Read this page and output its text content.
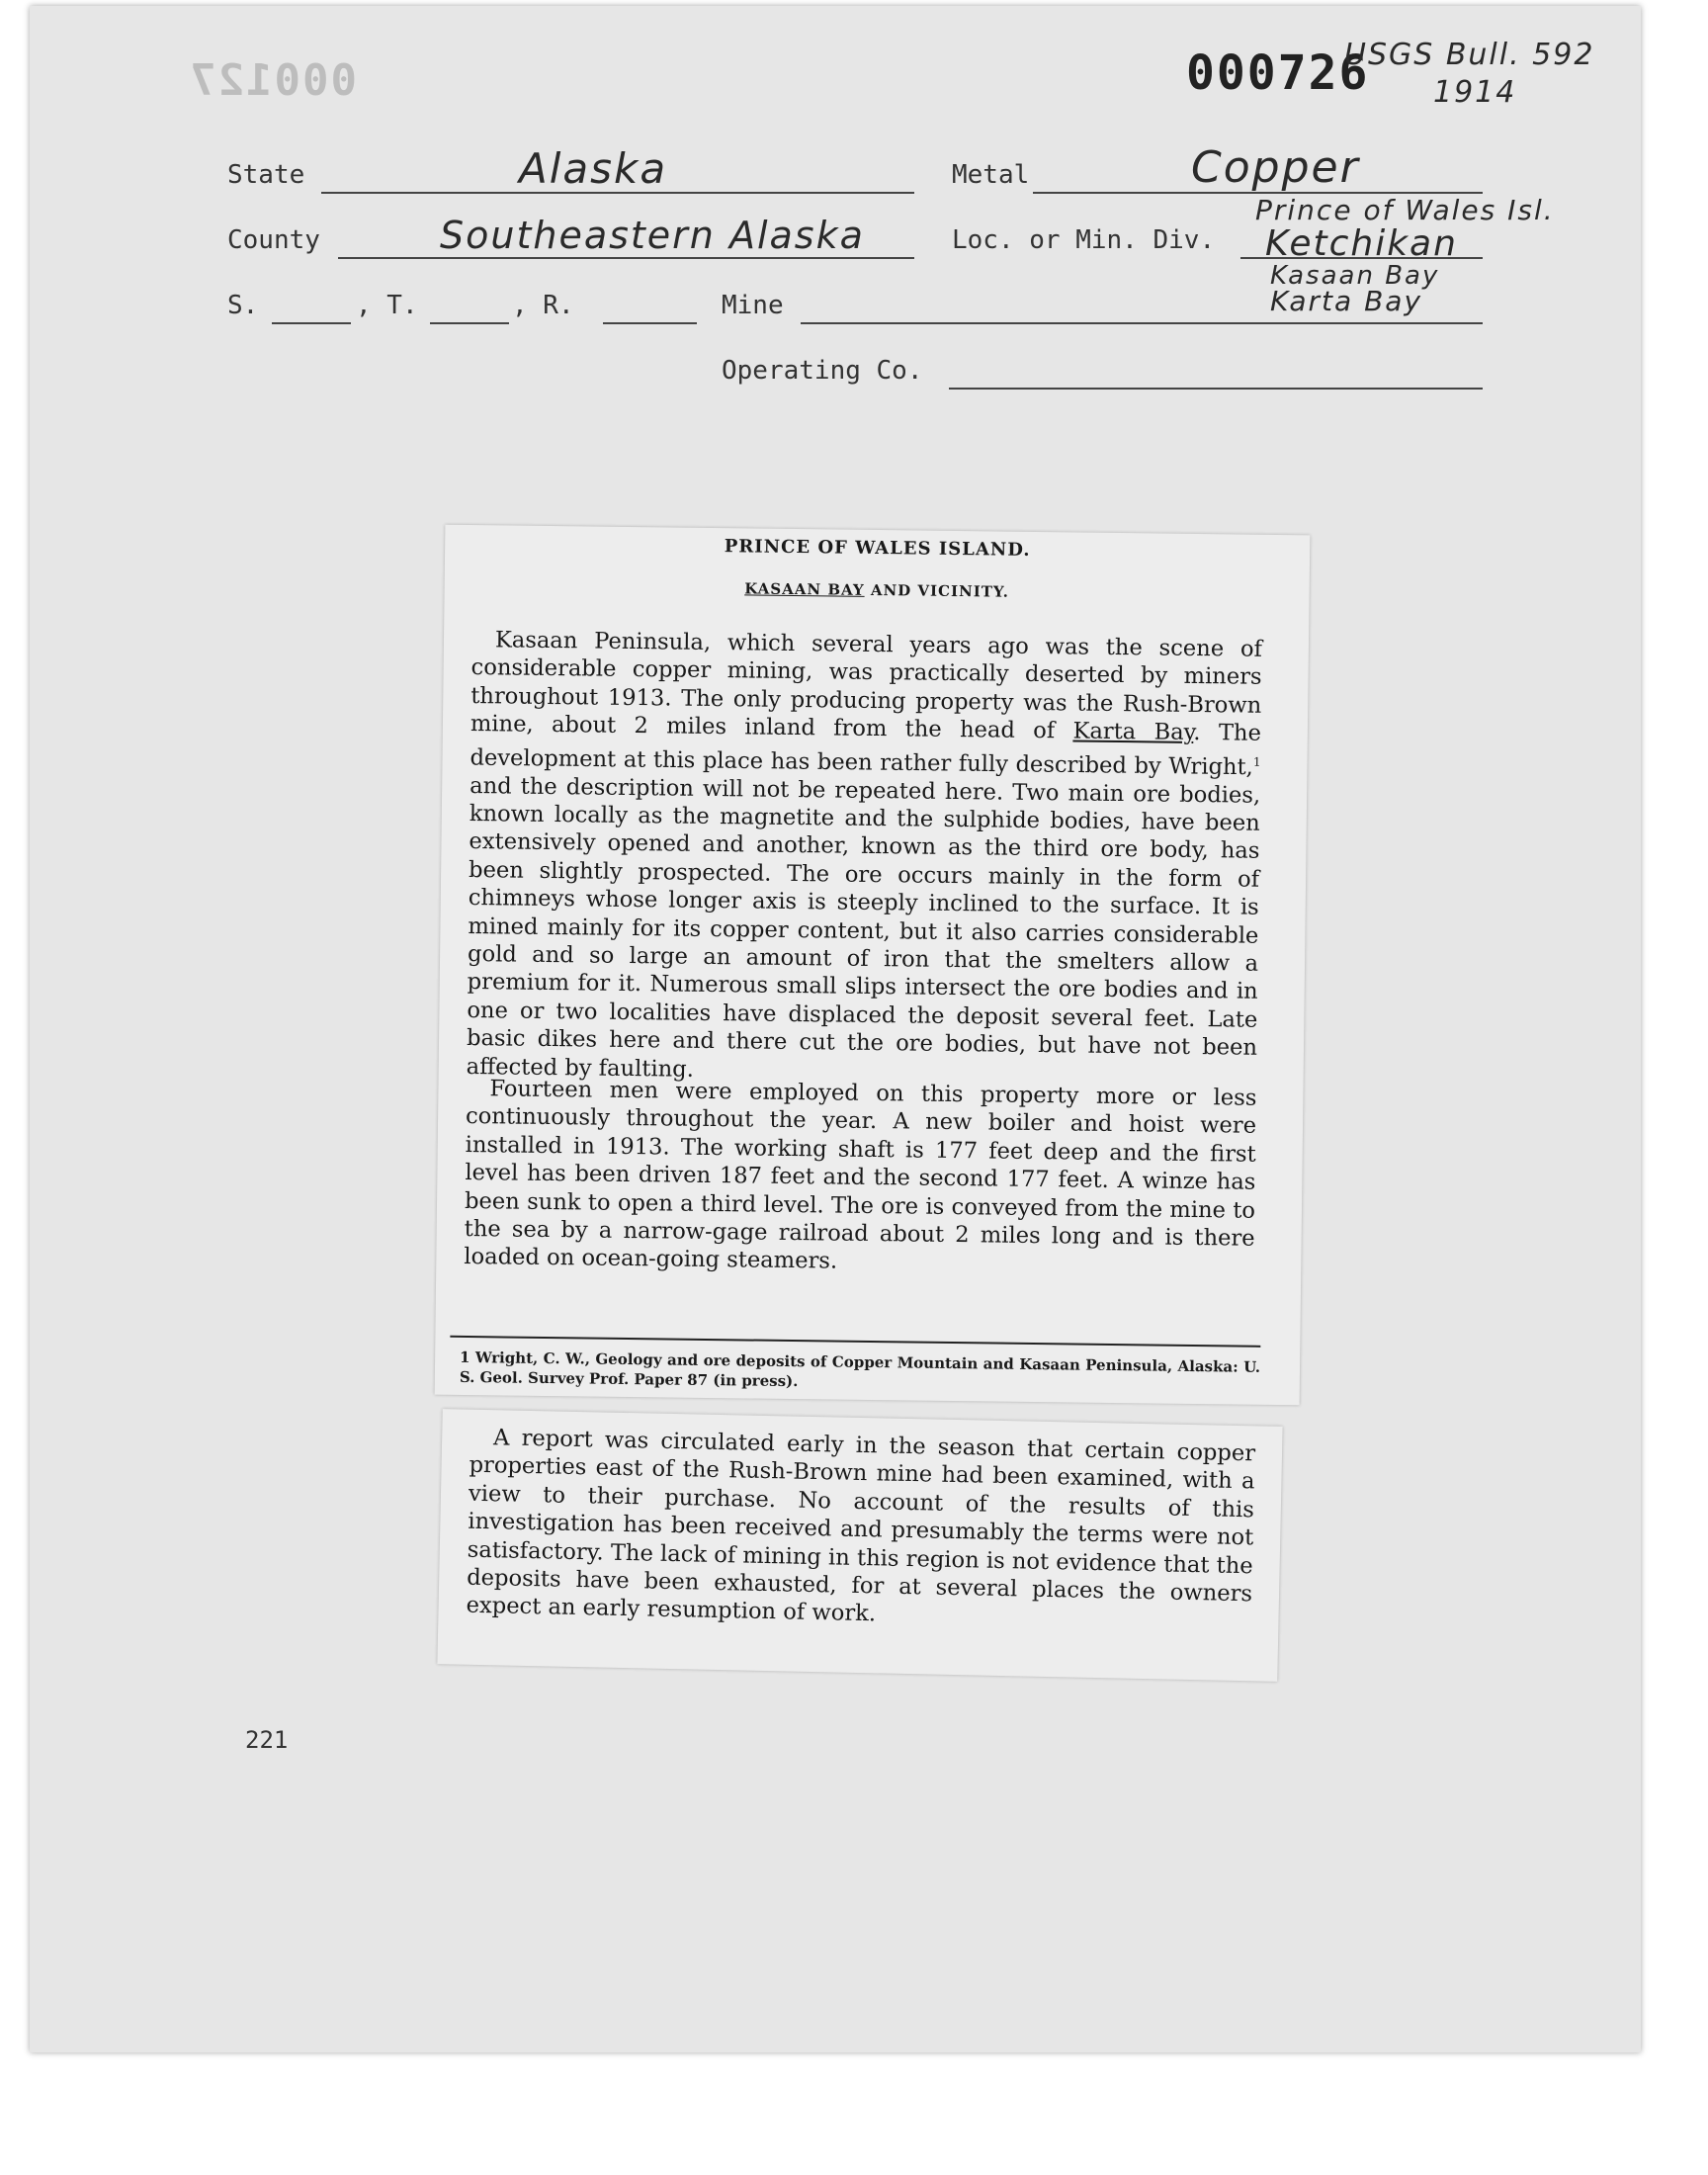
000127	000726
USGS Bull. 592
1914
State	Alaska	Metal	Copper
County	Southeastern Alaska	Loc. or Min. Div.
Prince of Wales Isl.
Ketchikan
S.	, T.	, R.	Mine
Kasaan Bay
Karta Bay
Operating Co.
PRINCE OF WALES ISLAND.
KASAAN BAY AND VICINITY.

Kasaan Peninsula, which several years ago was the scene of considerable copper mining, was practically deserted by miners throughout 1913. The only producing property was the Rush-Brown mine, about 2 miles inland from the head of Karta Bay. The development at this place has been rather fully described by Wright,$^1$ and the description will not be repeated here. Two main ore bodies, known locally as the magnetite and the sulphide bodies, have been extensively opened and another, known as the third ore body, has been slightly prospected. The ore occurs mainly in the form of chimneys whose longer axis is steeply inclined to the surface. It is mined mainly for its copper content, but it also carries considerable gold and so large an amount of iron that the smelters allow a premium for it. Numerous small slips intersect the ore bodies and in one or two localities have displaced the deposit several feet. Late basic dikes here and there cut the ore bodies, but have not been affected by faulting.

Fourteen men were employed on this property more or less continuously throughout the year. A new boiler and hoist were installed in 1913. The working shaft is 177 feet deep and the first level has been driven 187 feet and the second 177 feet. A winze has been sunk to open a third level. The ore is conveyed from the mine to the sea by a narrow-gage railroad about 2 miles long and is there loaded on ocean-going steamers.

1 Wright, C. W., Geology and ore deposits of Copper Mountain and Kasaan Peninsula, Alaska: U. S. Geol. Survey Prof. Paper 87 (in press).

A report was circulated early in the season that certain copper properties east of the Rush-Brown mine had been examined, with a view to their purchase. No account of the results of this investigation has been received and presumably the terms were not satisfactory. The lack of mining in this region is not evidence that the deposits have been exhausted, for at several places the owners expect an early resumption of work.

221
